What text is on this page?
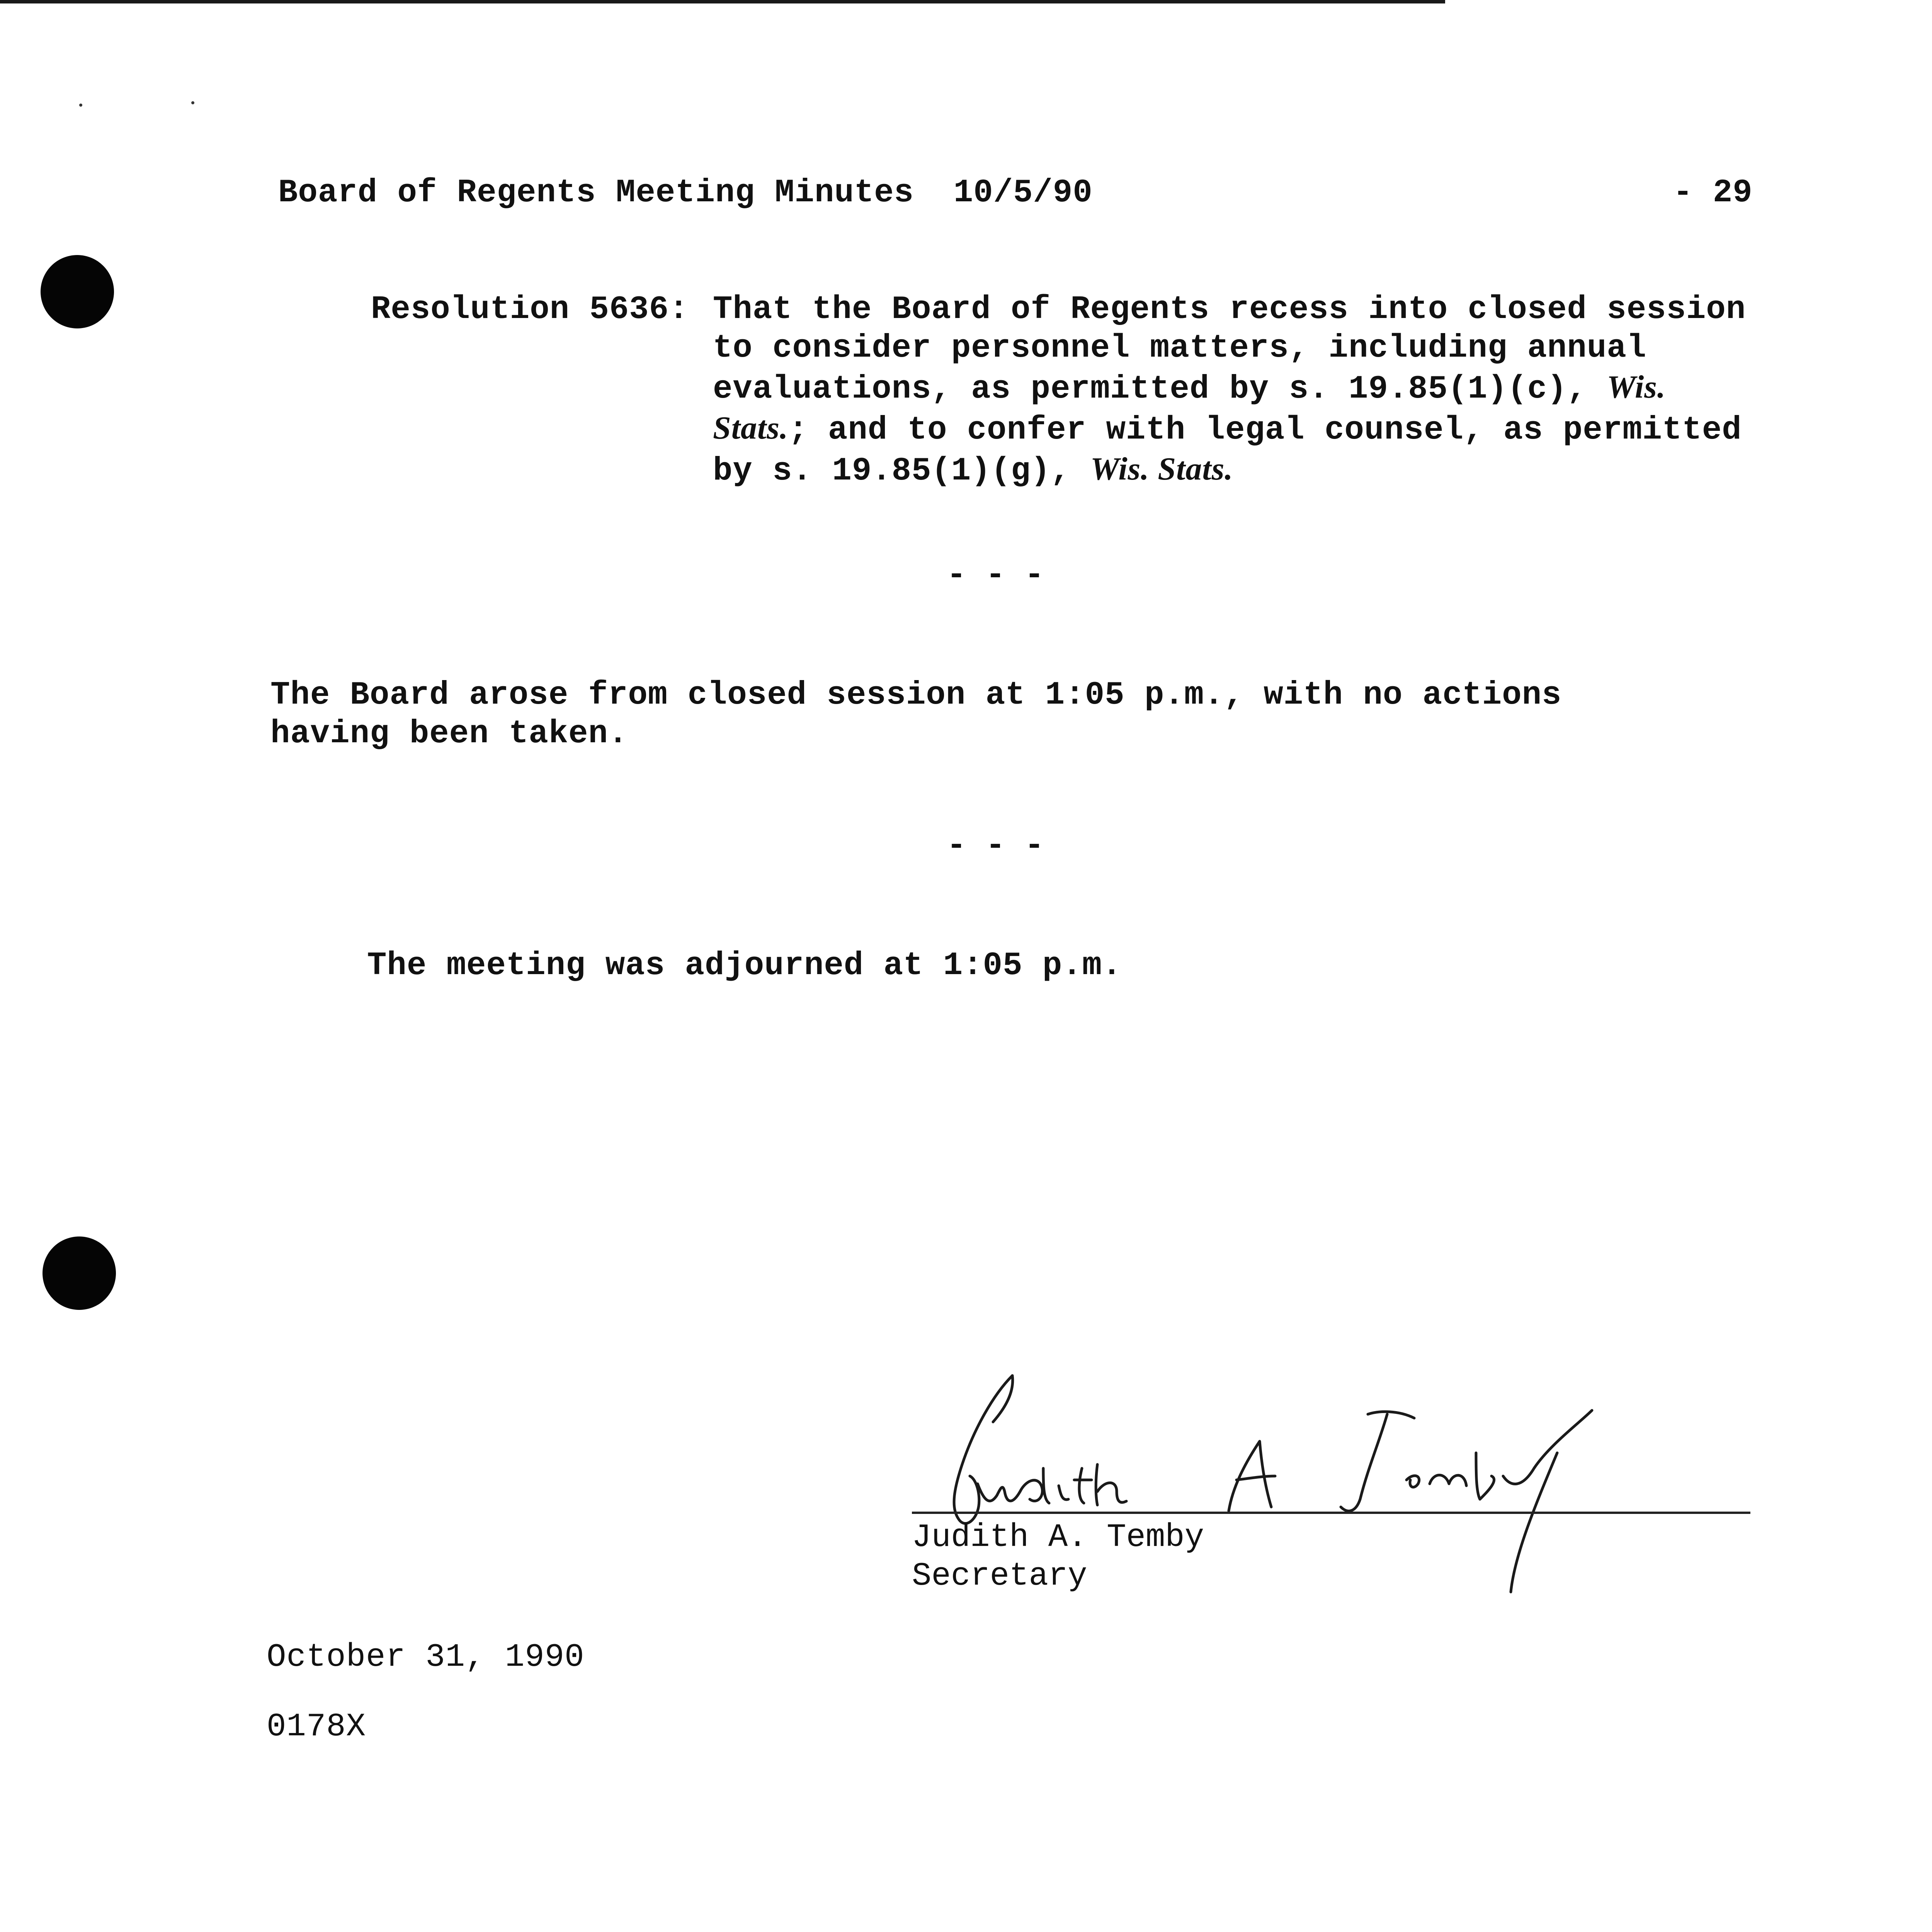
Board of Regents Meeting Minutes  10/5/90	- 29
Resolution 5636: That the Board of Regents recess into closed session
to consider personnel matters, including annual
evaluations, as permitted by s. 19.85(1)(c), Wis.
Stats.; and to confer with legal counsel, as permitted
by s. 19.85(1)(g), Wis. Stats.
- - -
The Board arose from closed session at 1:05 p.m., with no actions
having been taken.
- - -
The meeting was adjourned at 1:05 p.m.
Judith A. Temby
Secretary
October 31, 1990
0178X
